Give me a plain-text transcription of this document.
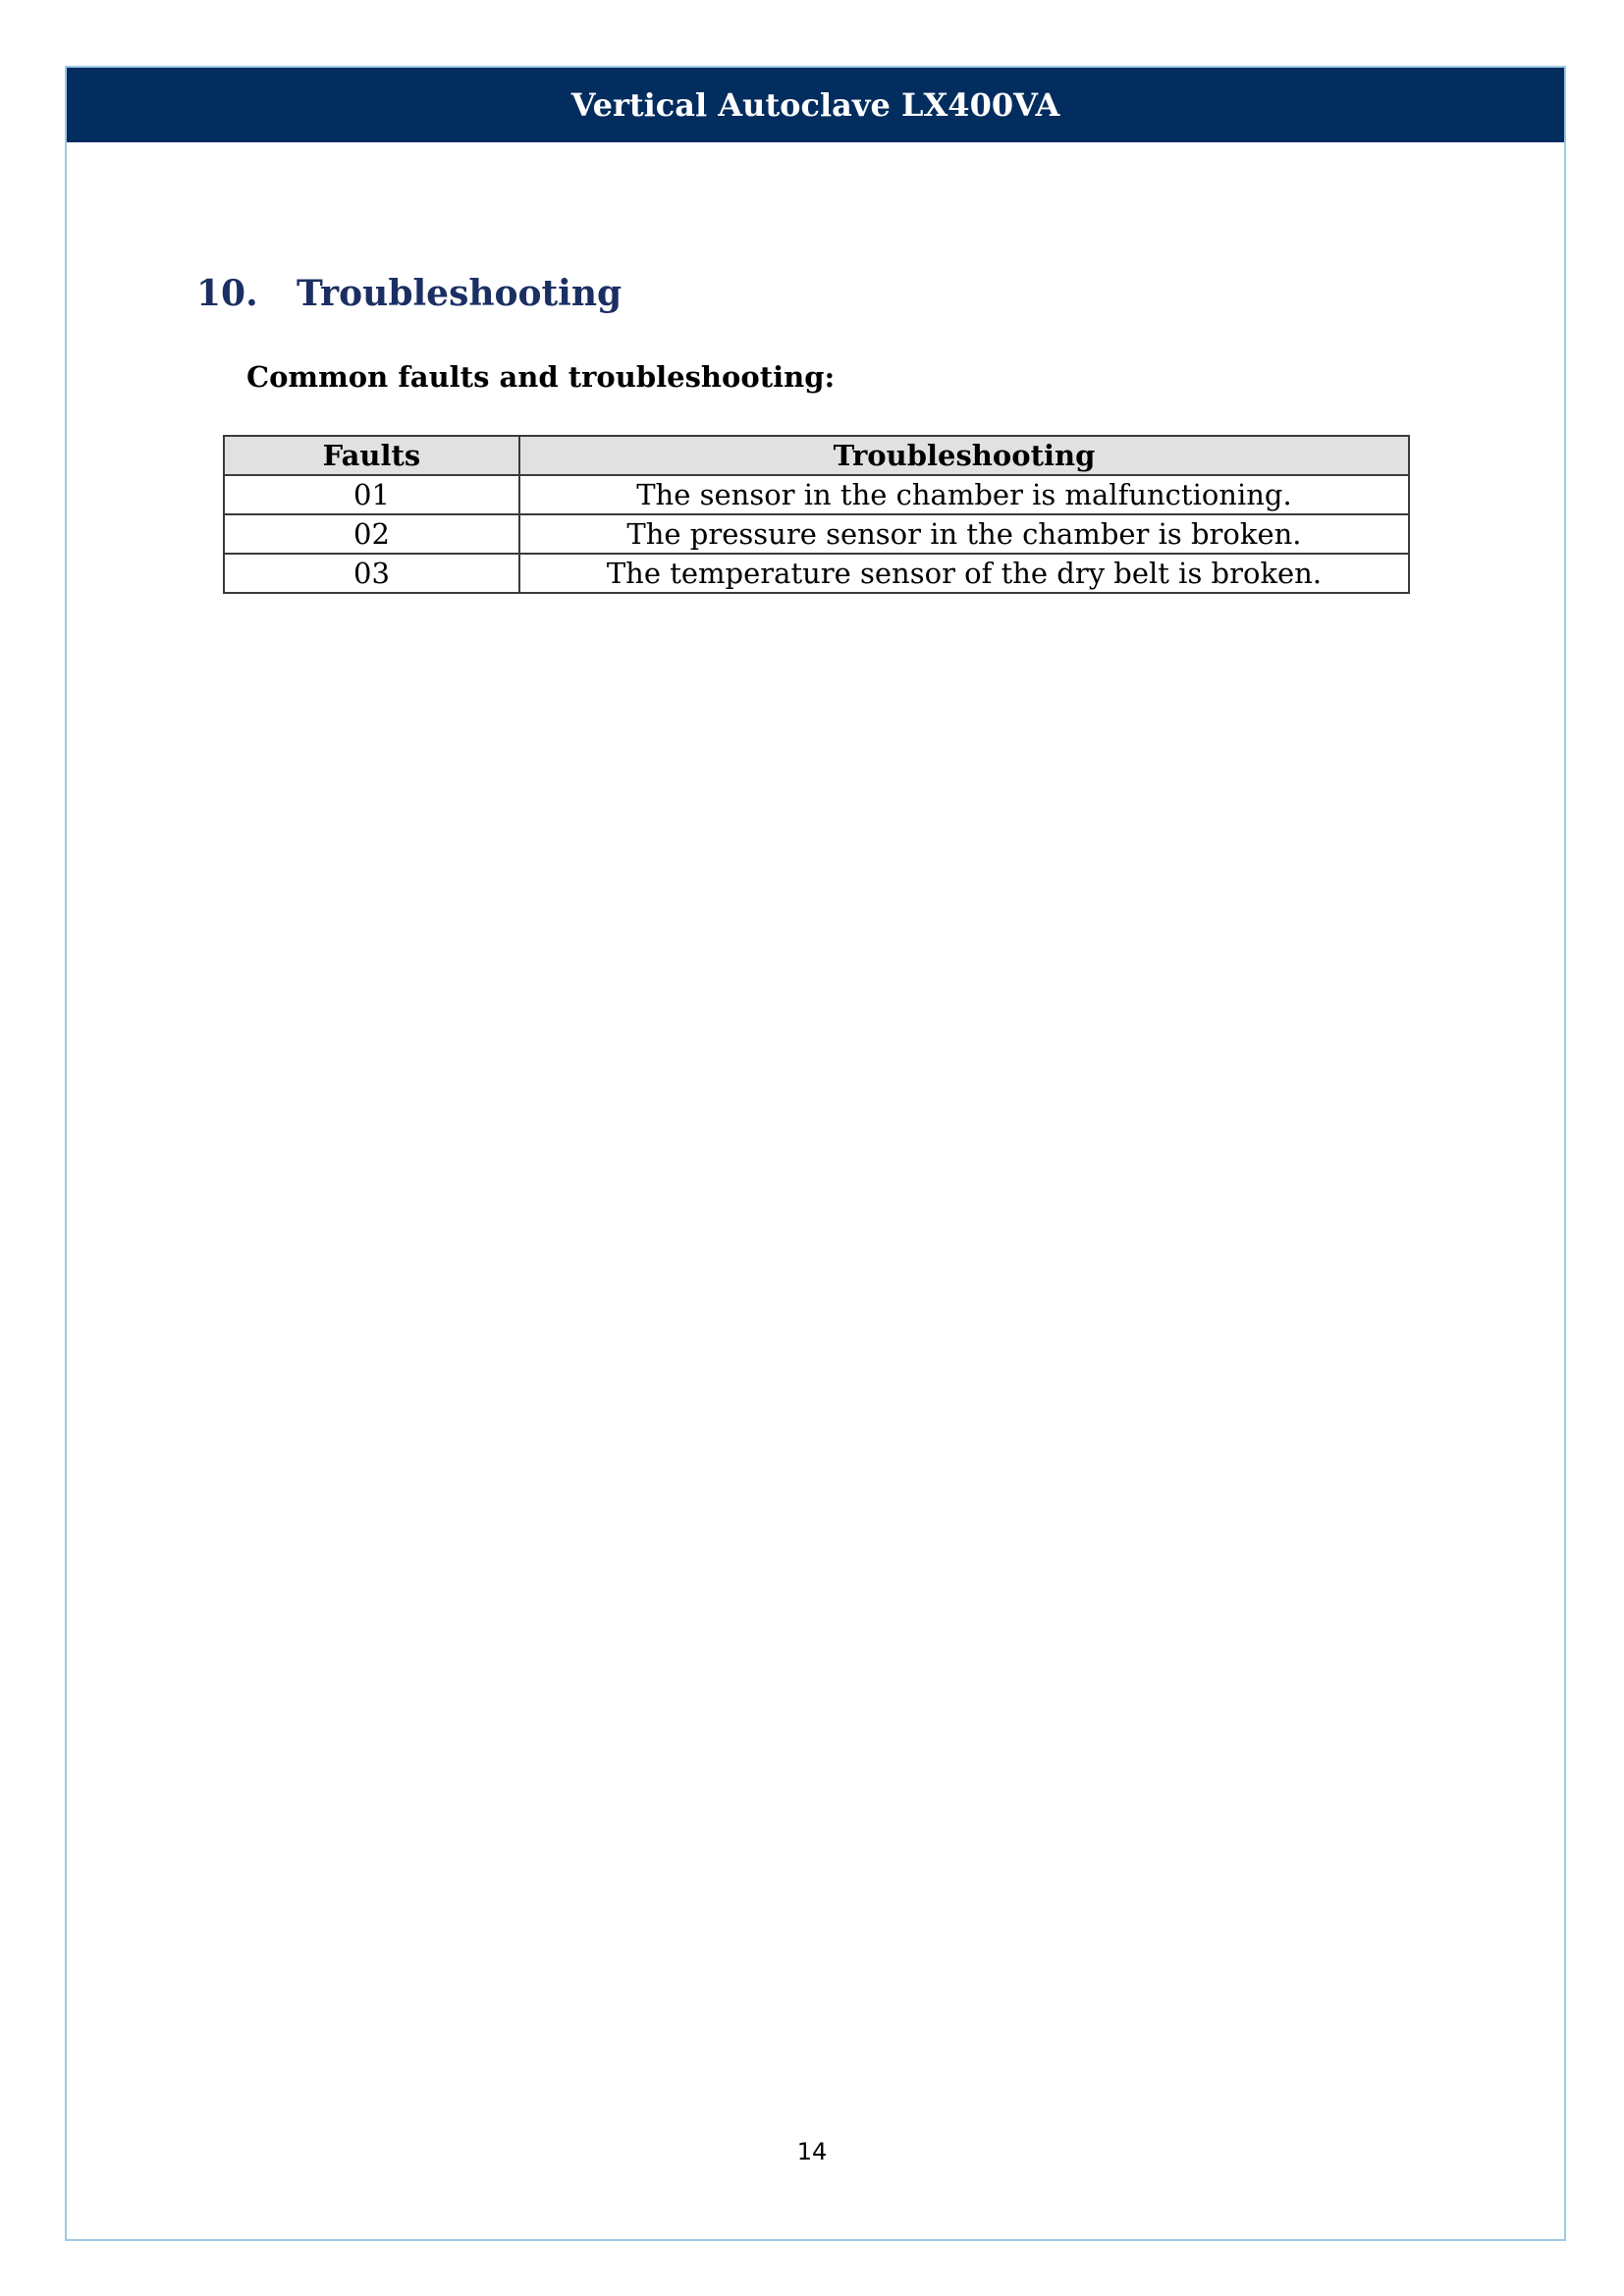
Vertical Autoclave LX400VA
10.	Troubleshooting
Common faults and troubleshooting:
Faults	Troubleshooting
01	The sensor in the chamber is malfunctioning.
02	The pressure sensor in the chamber is broken.
03	The temperature sensor of the dry belt is broken.
14
